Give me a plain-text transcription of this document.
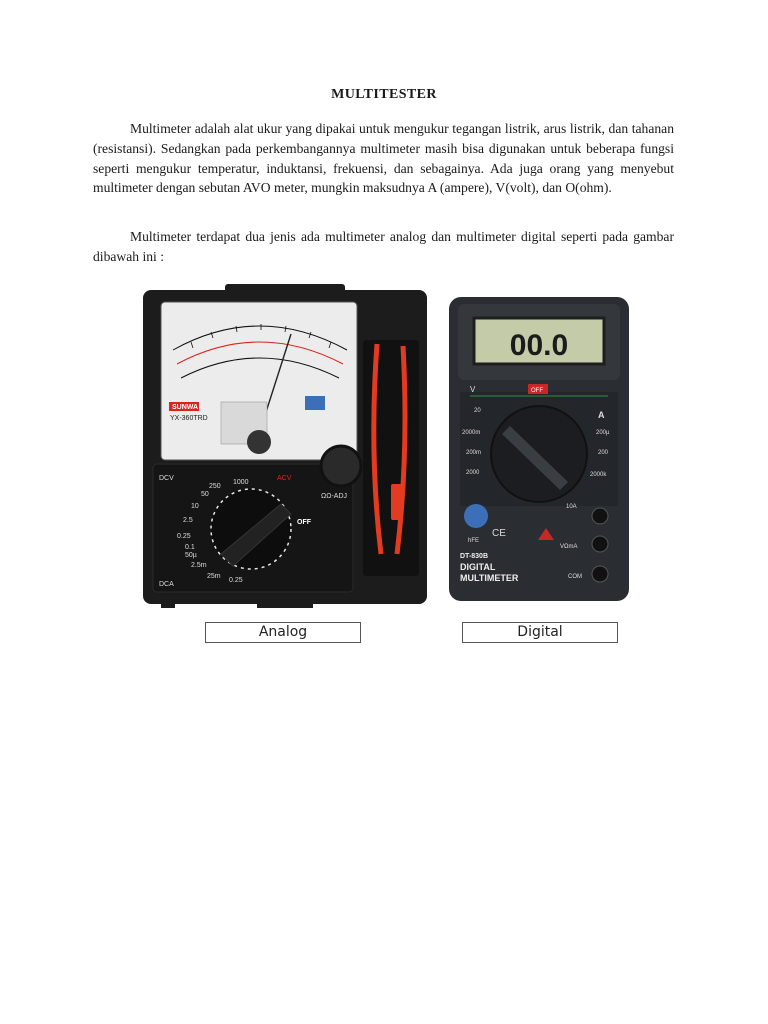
MULTITESTER

Multimeter adalah alat ukur yang dipakai untuk mengukur tegangan listrik, arus listrik, dan tahanan (resistansi). Sedangkan pada perkembangannya multimeter masih bisa digunakan untuk beberapa fungsi seperti mengukur temperatur, induktansi, frekuensi, dan sebagainya. Ada juga orang yang menyebut multimeter dengan sebutan AVO meter, mungkin maksudnya A (ampere), V(volt), dan O(ohm).

Multimeter terdapat dua jenis ada multimeter analog dan multimeter digital seperti pada gambar dibawah ini :

SUNWA
YX-360TRD
DCV
1000
250
50
10
2.5
0.25
0.1
50µ
2.5m
25m
0.25
DCA
ACV
OFF
ΩΩ-ADJ
00.0
OFF
V
A
2000m
200m
20
2000
200µ
200
2000k
hFE
CE
DT-830B
DIGITAL
MULTIMETER
10A
VΩmA
COM
Analog	Digital
